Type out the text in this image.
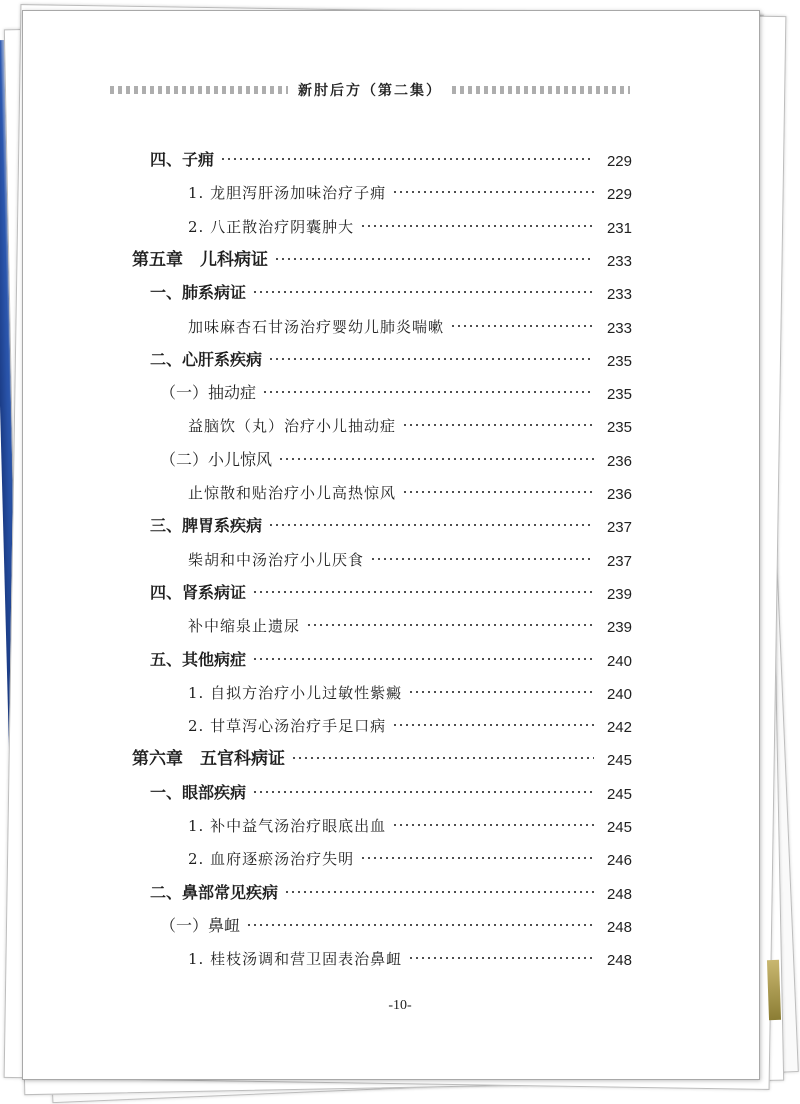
新肘后方（第二集）
四、子痈	229
1. 龙胆泻肝汤加味治疗子痈	229
2. 八正散治疗阴囊肿大	231
第五章　儿科病证	233
一、肺系病证	233
加味麻杏石甘汤治疗婴幼儿肺炎喘嗽	233
二、心肝系疾病	235
（一）抽动症	235
益脑饮（丸）治疗小儿抽动症	235
（二）小儿惊风	236
止惊散和贴治疗小儿高热惊风	236
三、脾胃系疾病	237
柴胡和中汤治疗小儿厌食	237
四、肾系病证	239
补中缩泉止遗尿	239
五、其他病症	240
1. 自拟方治疗小儿过敏性紫癜	240
2. 甘草泻心汤治疗手足口病	242
第六章　五官科病证	245
一、眼部疾病	245
1. 补中益气汤治疗眼底出血	245
2. 血府逐瘀汤治疗失明	246
二、鼻部常见疾病	248
（一）鼻衄	248
1. 桂枝汤调和营卫固表治鼻衄	248
-10-
